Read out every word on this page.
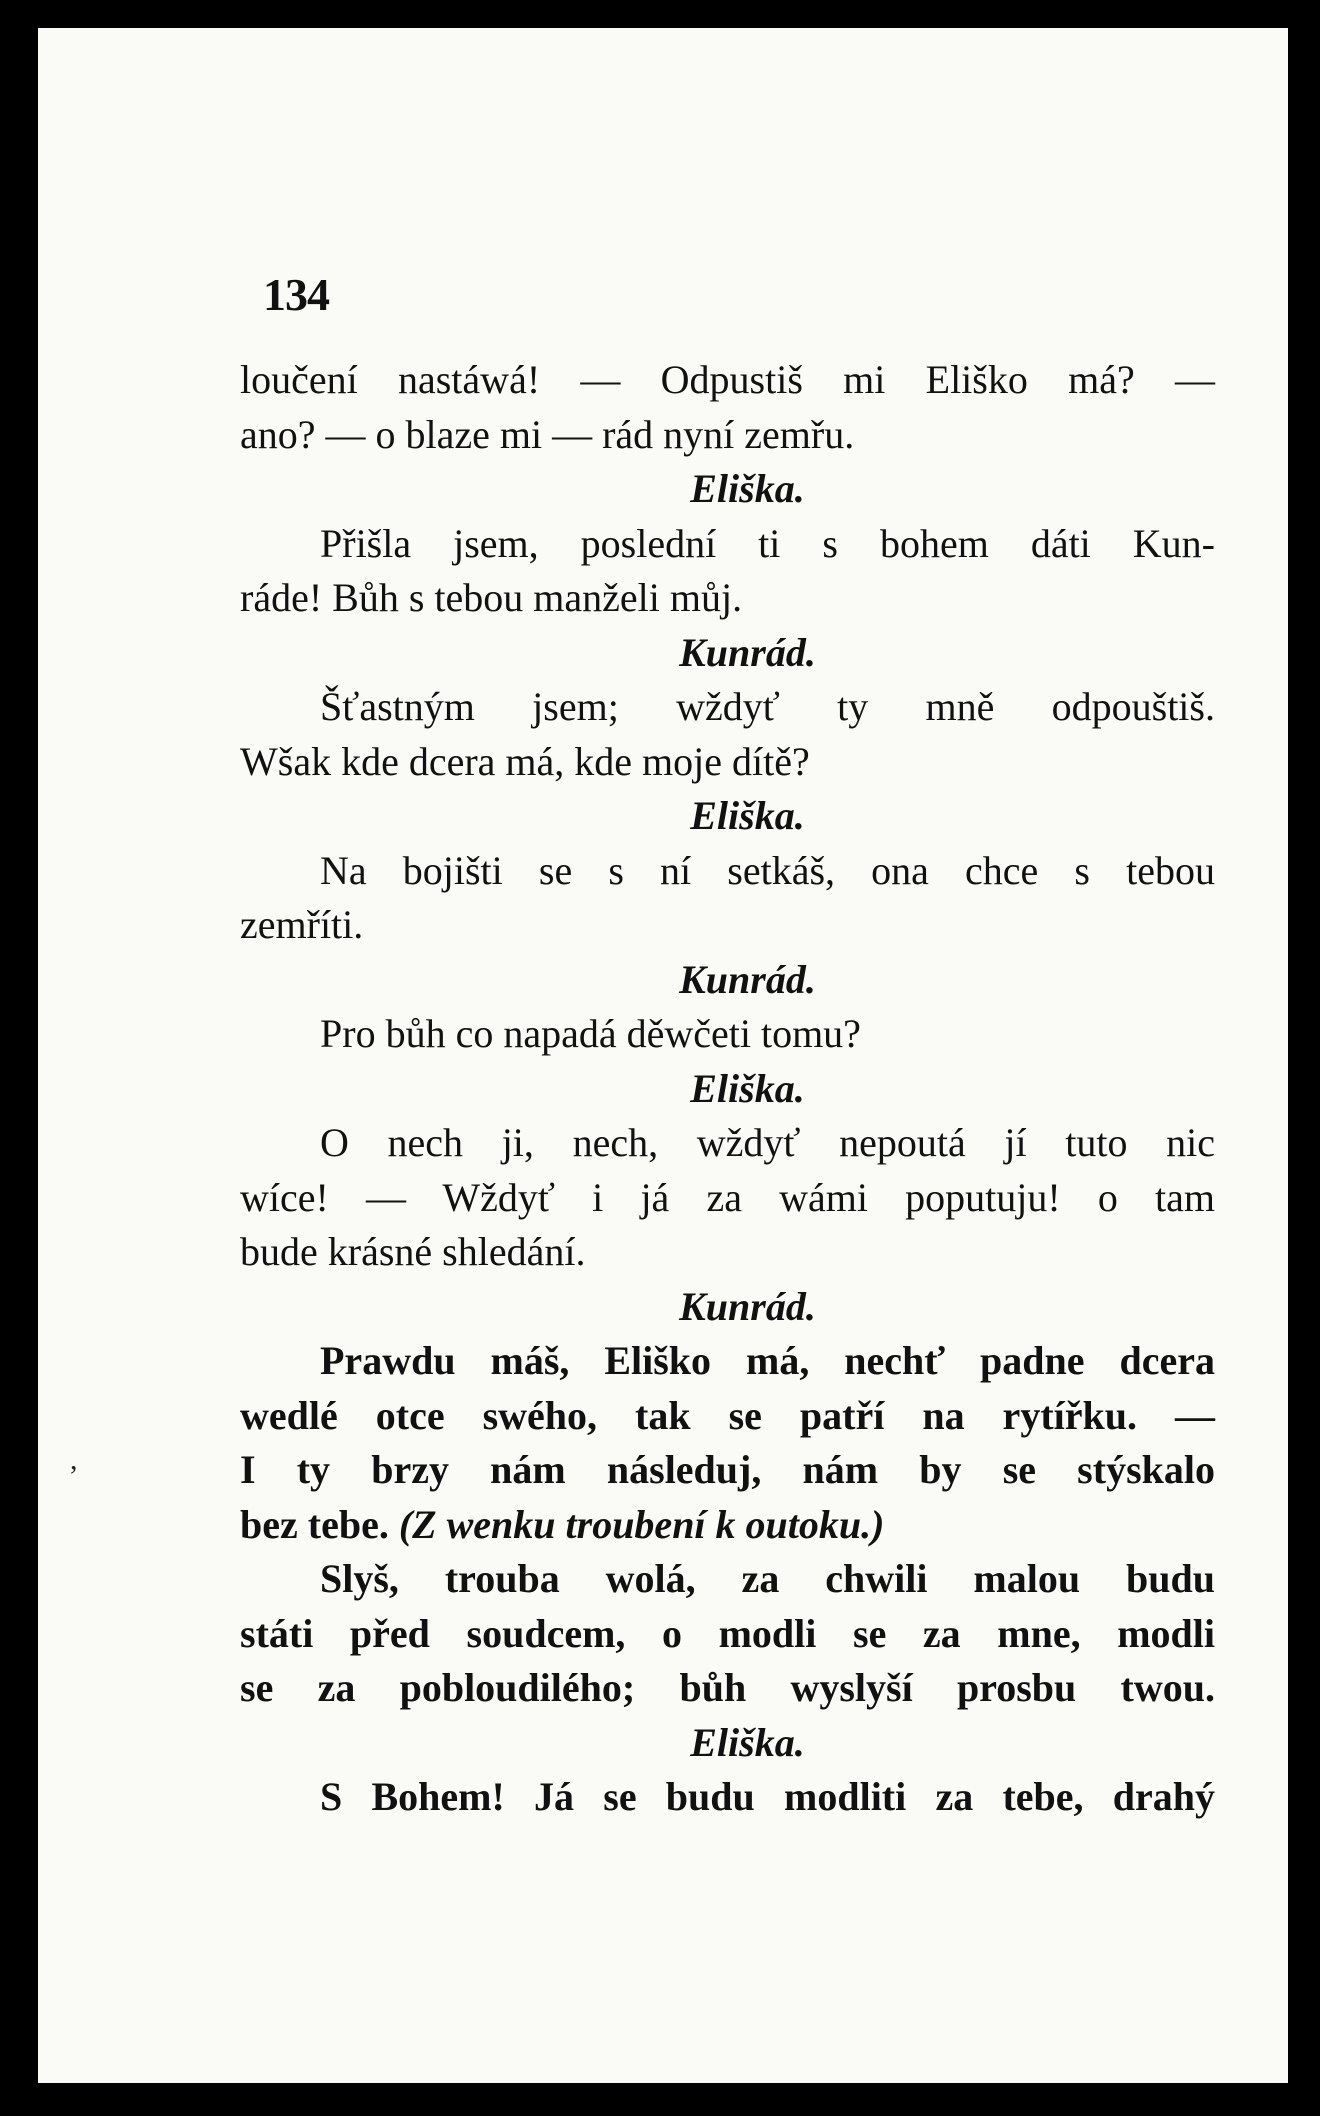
134
loučení nastáwá! — Odpustiš mi Eliško má? —
ano? — o blaze mi — rád nyní zemřu.
Eliška.
Přišla jsem, poslední ti s bohem dáti Kun-
ráde! Bůh s tebou manželi můj.
Kunrád.
Šťastným jsem; wždyť ty mně odpouštiš.
Wšak kde dcera má, kde moje dítě?
Eliška.
Na bojišti se s ní setkáš, ona chce s tebou
zemříti.
Kunrád.
Pro bůh co napadá děwčeti tomu?
Eliška.
O nech ji, nech, wždyť nepoutá jí tuto nic
wíce! — Wždyť i já za wámi poputuju! o tam
bude krásné shledání.
Kunrád.
Prawdu máš, Eliško má, nechť padne dcera
wedlé otce swého, tak se patří na rytířku. —
I ty brzy nám následuj, nám by se stýskalo
bez tebe. (Z wenku troubení k outoku.)
Slyš, trouba wolá, za chwili malou budu
státi před soudcem, o modli se za mne, modli
se za pobloudilého; bůh wyslyší prosbu twou.
Eliška.
S Bohem! Já se budu modliti za tebe, drahý
,
